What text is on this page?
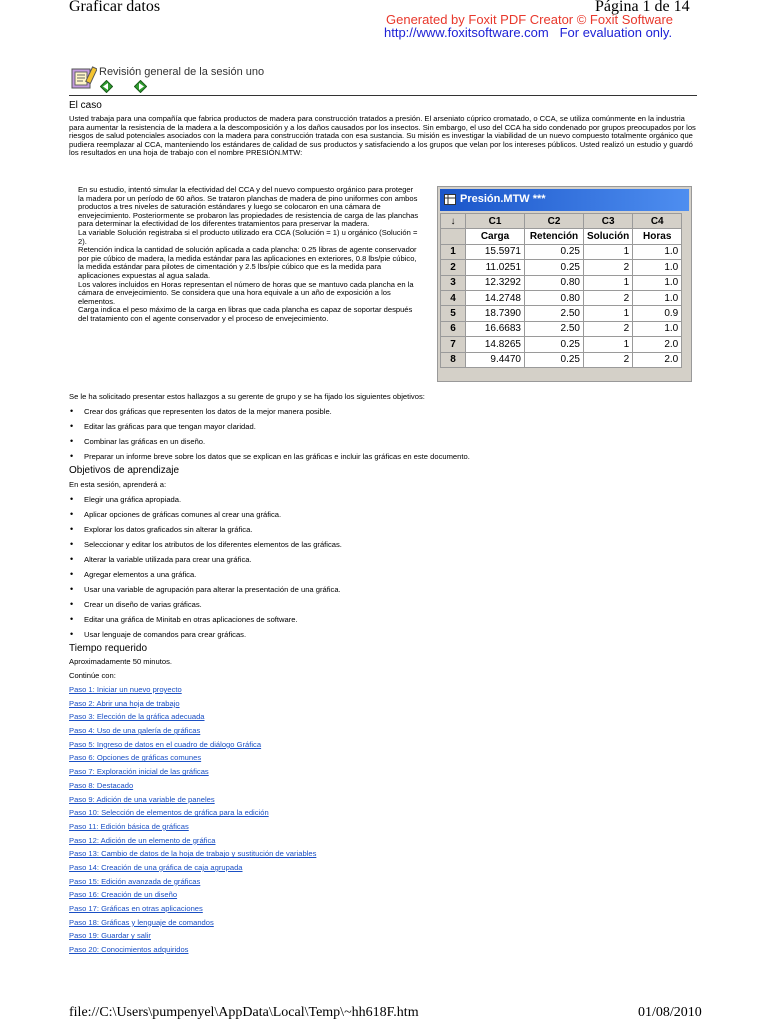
Graficar datos	Página 1 de 14
Generated by Foxit PDF Creator © Foxit Software
http://www.foxitsoftware.com For evaluation only.
Revisión general de la sesión uno
El caso
Usted trabaja para una compañía que fabrica productos de madera para construcción tratados a presión. El arseniato cúprico cromatado, o CCA, se utiliza comúnmente en la industria para aumentar la resistencia de la madera a la descomposición y a los daños causados por los insectos. Sin embargo, el uso del CCA ha sido condenado por grupos preocupados por los riesgos de salud potenciales asociados con la madera para construcción tratada con esa sustancia. Su misión es investigar la viabilidad de un nuevo compuesto totalmente orgánico que pudiera reemplazar al CCA, manteniendo los estándares de calidad de sus productos y satisfaciendo a los grupos que velan por los intereses públicos. Usted realizó un estudio y guardó los resultados en una hoja de trabajo con el nombre PRESIÓN.MTW:

En su estudio, intentó simular la efectividad del CCA y del nuevo compuesto orgánico para proteger la madera por un período de 60 años. Se trataron planchas de madera de pino uniformes con ambos productos a tres niveles de saturación estándares y luego se colocaron en una cámara de envejecimiento. Posteriormente se probaron las propiedades de resistencia de carga de las planchas para determinar la efectividad de los diferentes tratamientos para preservar la madera.

La variable Solución registraba si el producto utilizado era CCA (Solución = 1) u orgánico (Solución = 2).

Retención indica la cantidad de solución aplicada a cada plancha: 0.25 libras de agente conservador por pie cúbico de madera, la medida estándar para las aplicaciones en exteriores, 0.8 lbs/pie cúbico, la medida estándar para pilotes de cimentación y 2.5 lbs/pie cúbico que es la medida para aplicaciones expuestas al agua salada.

Los valores incluidos en Horas representan el número de horas que se mantuvo cada plancha en la cámara de envejecimiento. Se considera que una hora equivale a un año de exposición a los elementos.

Carga indica el peso máximo de la carga en libras que cada plancha es capaz de soportar después del tratamiento con el agente conservador y el proceso de envejecimiento.

Presión.MTW ***
↓	C1	C2	C3	C4
	Carga	Retención	Solución	Horas
1	15.5971	0.25	1	1.0
2	11.0251	0.25	2	1.0
3	12.3292	0.80	1	1.0
4	14.2748	0.80	2	1.0
5	18.7390	2.50	1	0.9
6	16.6683	2.50	2	1.0
7	14.8265	0.25	1	2.0
8	9.4470	0.25	2	2.0
Se le ha solicitado presentar estos hallazgos a su gerente de grupo y se ha fijado los siguientes objetivos:
• Crear dos gráficas que representen los datos de la mejor manera posible.
• Editar las gráficas para que tengan mayor claridad.
• Combinar las gráficas en un diseño.
• Preparar un informe breve sobre los datos que se explican en las gráficas e incluir las gráficas en este documento.
Objetivos de aprendizaje
En esta sesión, aprenderá a:
• Elegir una gráfica apropiada.
• Aplicar opciones de gráficas comunes al crear una gráfica.
• Explorar los datos graficados sin alterar la gráfica.
• Seleccionar y editar los atributos de los diferentes elementos de las gráficas.
• Alterar la variable utilizada para crear una gráfica.
• Agregar elementos a una gráfica.
• Usar una variable de agrupación para alterar la presentación de una gráfica.
• Crear un diseño de varias gráficas.
• Editar una gráfica de Minitab en otras aplicaciones de software.
• Usar lenguaje de comandos para crear gráficas.
Tiempo requerido
Aproximadamente 50 minutos.
Continúe con:
Paso 1: Iniciar un nuevo proyecto
Paso 2: Abrir una hoja de trabajo
Paso 3: Elección de la gráfica adecuada
Paso 4: Uso de una galería de gráficas
Paso 5: Ingreso de datos en el cuadro de diálogo Gráfica
Paso 6: Opciones de gráficas comunes
Paso 7: Exploración inicial de las gráficas
Paso 8: Destacado
Paso 9: Adición de una variable de paneles
Paso 10: Selección de elementos de gráfica para la edición
Paso 11: Edición básica de gráficas
Paso 12: Adición de un elemento de gráfica
Paso 13: Cambio de datos de la hoja de trabajo y sustitución de variables
Paso 14: Creación de una gráfica de caja agrupada
Paso 15: Edición avanzada de gráficas
Paso 16: Creación de un diseño
Paso 17: Gráficas en otras aplicaciones
Paso 18: Gráficas y lenguaje de comandos
Paso 19: Guardar y salir
Paso 20: Conocimientos adquiridos
file://C:\Users\pumpenyel\AppData\Local\Temp\~hh618F.htm	01/08/2010
